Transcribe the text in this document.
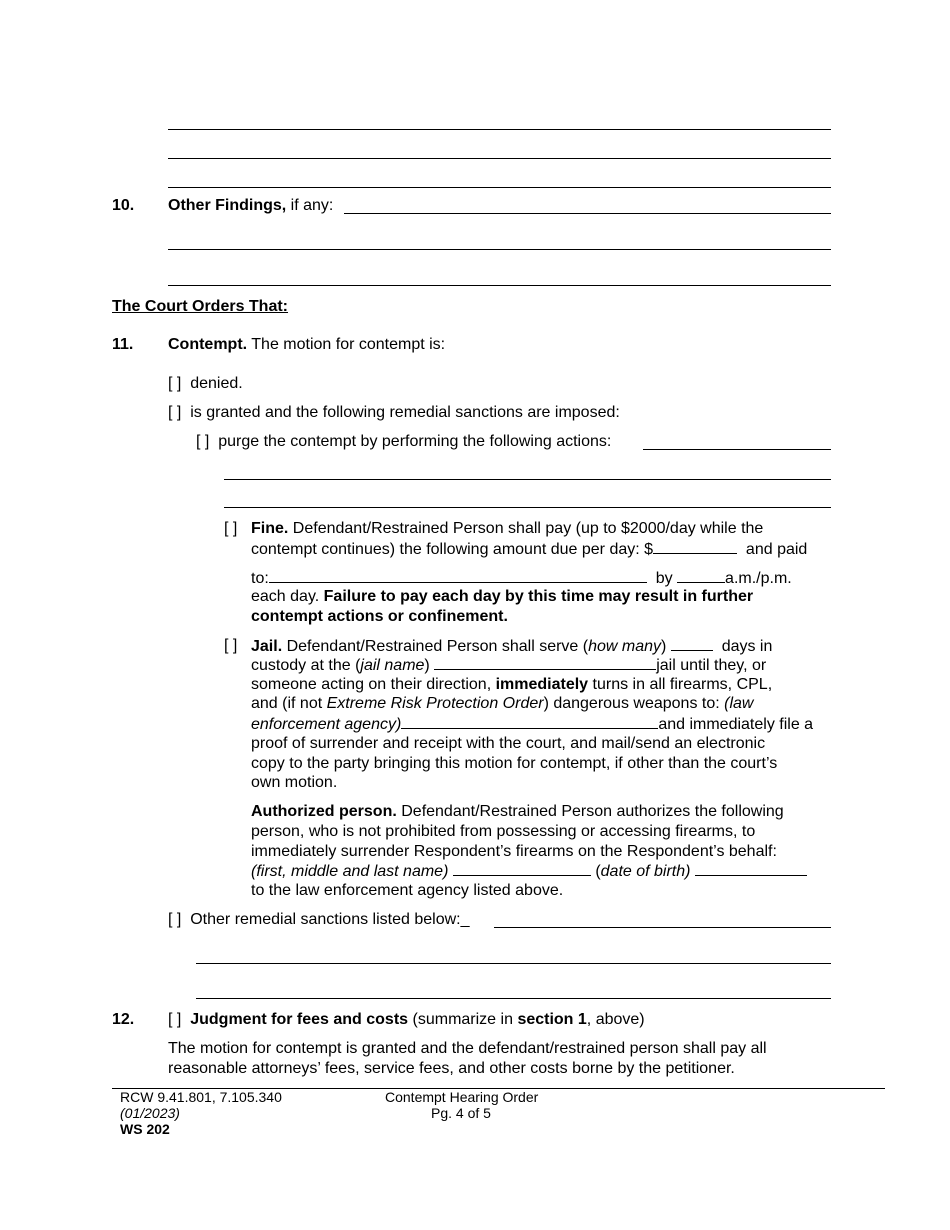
10. Other Findings, if any:
The Court Orders That:
11. Contempt. The motion for contempt is:
[ ] denied.
[ ] is granted and the following remedial sanctions are imposed:
[ ] purge the contempt by performing the following actions:
[ ] Fine. Defendant/Restrained Person shall pay (up to $2000/day while the
contempt continues) the following amount due per day: $	and paid
to:	by	a.m./p.m.
each day. Failure to pay each day by this time may result in further
contempt actions or confinement.
[ ] Jail. Defendant/Restrained Person shall serve (how many)	days in
custody at the (jail name)	jail until they, or
someone acting on their direction, immediately turns in all firearms, CPL,
and (if not Extreme Risk Protection Order) dangerous weapons to: (law
enforcement agency)	and immediately file a
proof of surrender and receipt with the court, and mail/send an electronic
copy to the party bringing this motion for contempt, if other than the court’s
own motion.
Authorized person. Defendant/Restrained Person authorizes the following
person, who is not prohibited from possessing or accessing firearms, to
immediately surrender Respondent’s firearms on the Respondent’s behalf:
(first, middle and last name)	(date of birth)
to the law enforcement agency listed above.
[ ] Other remedial sanctions listed below:_
12. [ ] Judgment for fees and costs (summarize in section 1, above)
The motion for contempt is granted and the defendant/restrained person shall pay all
reasonable attorneys’ fees, service fees, and other costs borne by the petitioner.
RCW 9.41.801, 7.105.340
(01/2023)
WS 202
Contempt Hearing Order
Pg. 4 of 5
